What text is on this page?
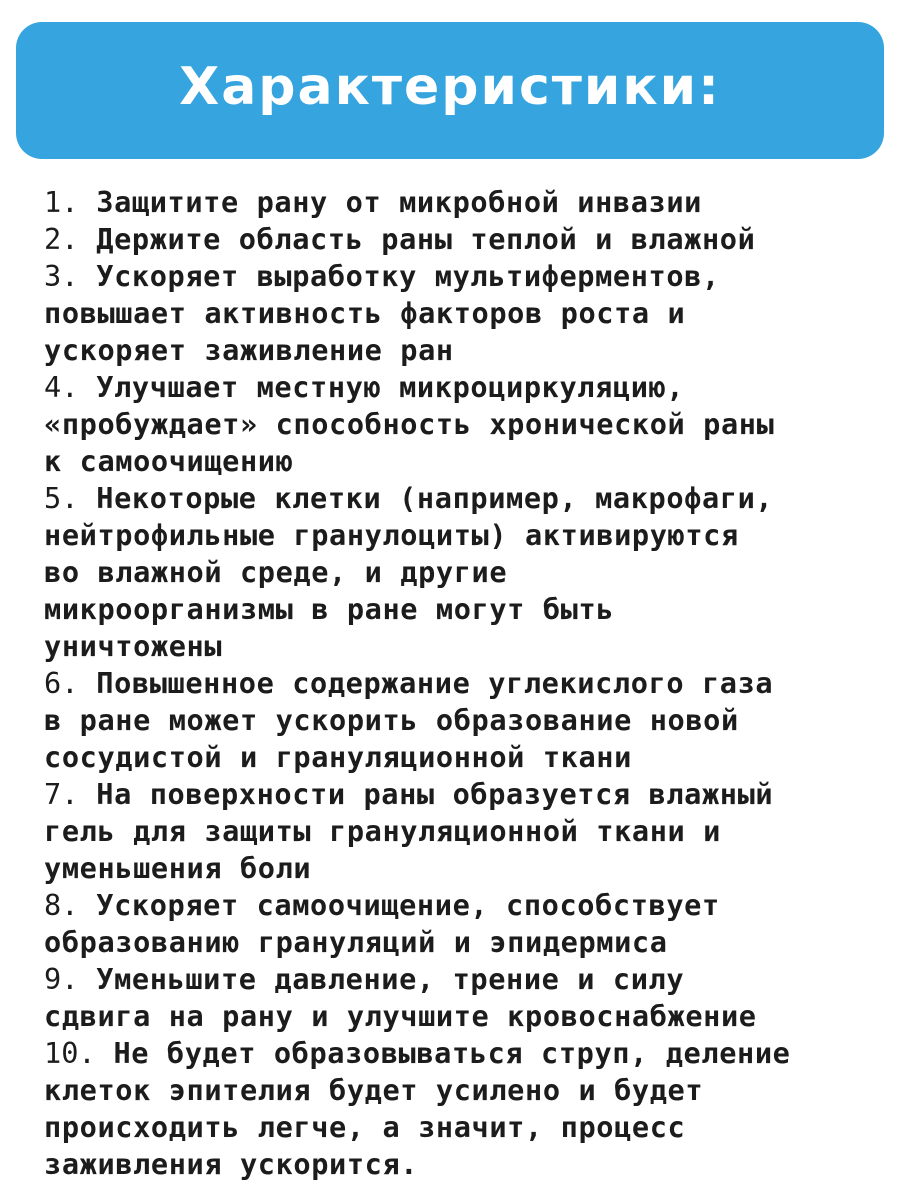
Характеристики:
1. Защитите рану от микробной инвазии
2. Держите область раны теплой и влажной
3. Ускоряет выработку мультиферментов,
повышает активность факторов роста и
ускоряет заживление ран
4. Улучшает местную микроциркуляцию,
«пробуждает» способность хронической раны
к самоочищению
5. Некоторые клетки (например, макрофаги,
нейтрофильные гранулоциты) активируются
во влажной среде, и другие
микроорганизмы в ране могут быть
уничтожены
6. Повышенное содержание углекислого газа
в ране может ускорить образование новой
сосудистой и грануляционной ткани
7. На поверхности раны образуется влажный
гель для защиты грануляционной ткани и
уменьшения боли
8. Ускоряет самоочищение, способствует
образованию грануляций и эпидермиса
9. Уменьшите давление, трение и силу
сдвига на рану и улучшите кровоснабжение
10. Не будет образовываться струп, деление
клеток эпителия будет усилено и будет
происходить легче, а значит, процесс
заживления ускорится.
